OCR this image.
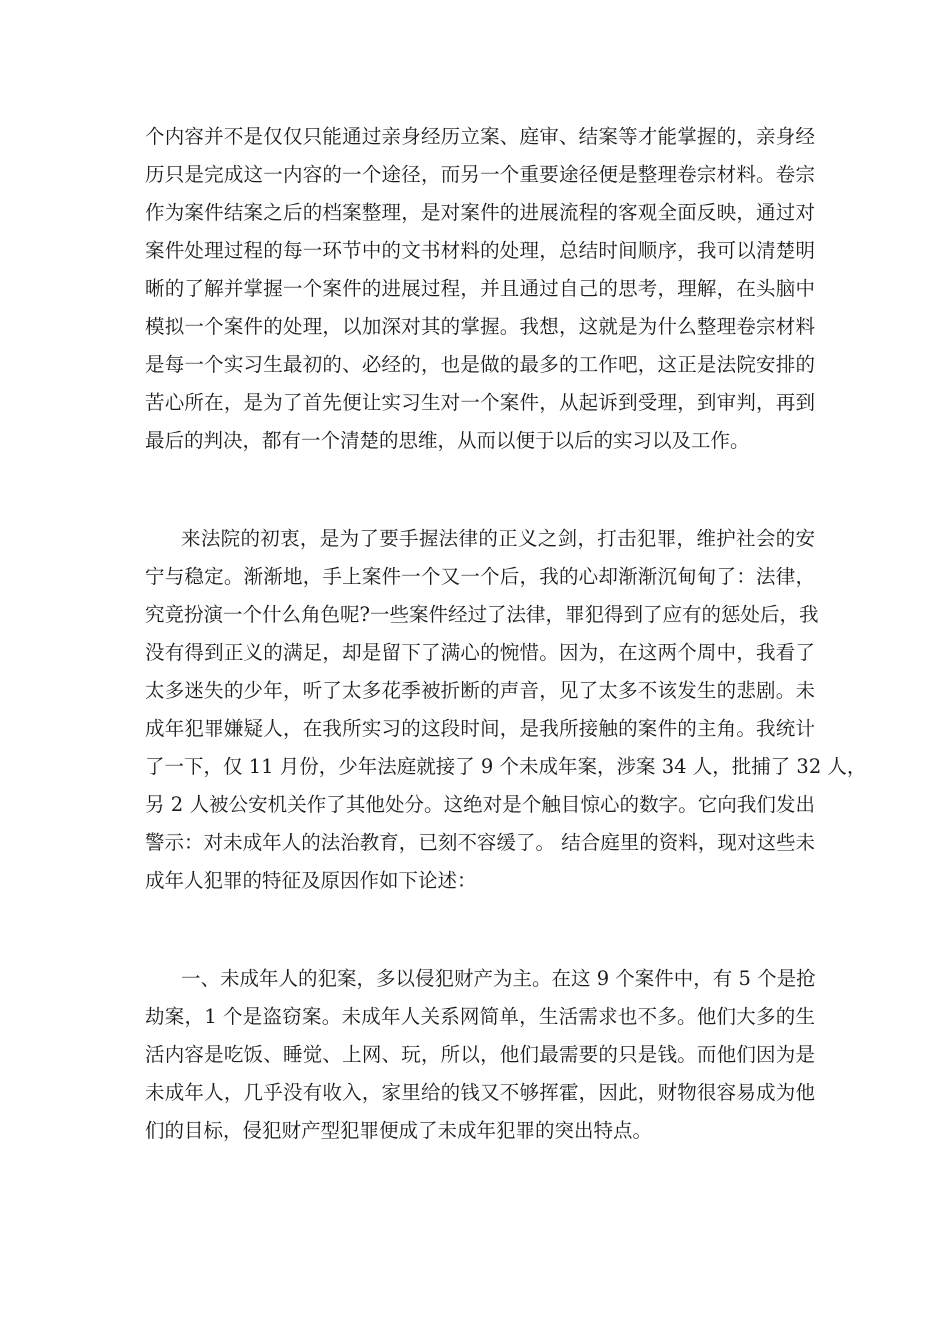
个内容并不是仅仅只能通过亲身经历立案、庭审、结案等才能掌握的，亲身经
历只是完成这一内容的一个途径，而另一个重要途径便是整理卷宗材料。卷宗
作为案件结案之后的档案整理，是对案件的进展流程的客观全面反映，通过对
案件处理过程的每一环节中的文书材料的处理，总结时间顺序，我可以清楚明
晰的了解并掌握一个案件的进展过程，并且通过自己的思考，理解，在头脑中
模拟一个案件的处理，以加深对其的掌握。我想，这就是为什么整理卷宗材料
是每一个实习生最初的、必经的，也是做的最多的工作吧，这正是法院安排的
苦心所在，是为了首先便让实习生对一个案件，从起诉到受理，到审判，再到
最后的判决，都有一个清楚的思维，从而以便于以后的实习以及工作。
来法院的初衷，是为了要手握法律的正义之剑，打击犯罪，维护社会的安
宁与稳定。渐渐地，手上案件一个又一个后，我的心却渐渐沉甸甸了：法律，
究竟扮演一个什么角色呢?一些案件经过了法律，罪犯得到了应有的惩处后，我
没有得到正义的满足，却是留下了满心的惋惜。因为，在这两个周中，我看了
太多迷失的少年，听了太多花季被折断的声音，见了太多不该发生的悲剧。未
成年犯罪嫌疑人，在我所实习的这段时间，是我所接触的案件的主角。我统计
了一下，仅 11 月份，少年法庭就接了 9 个未成年案，涉案 34 人，批捕了 32 人，
另 2 人被公安机关作了其他处分。这绝对是个触目惊心的数字。它向我们发出
警示：对未成年人的法治教育，已刻不容缓了。 结合庭里的资料，现对这些未
成年人犯罪的特征及原因作如下论述：
一、未成年人的犯案，多以侵犯财产为主。在这 9 个案件中，有 5 个是抢
劫案，1 个是盗窃案。未成年人关系网简单，生活需求也不多。他们大多的生
活内容是吃饭、睡觉、上网、玩，所以，他们最需要的只是钱。而他们因为是
未成年人，几乎没有收入，家里给的钱又不够挥霍，因此，财物很容易成为他
们的目标，侵犯财产型犯罪便成了未成年犯罪的突出特点。
